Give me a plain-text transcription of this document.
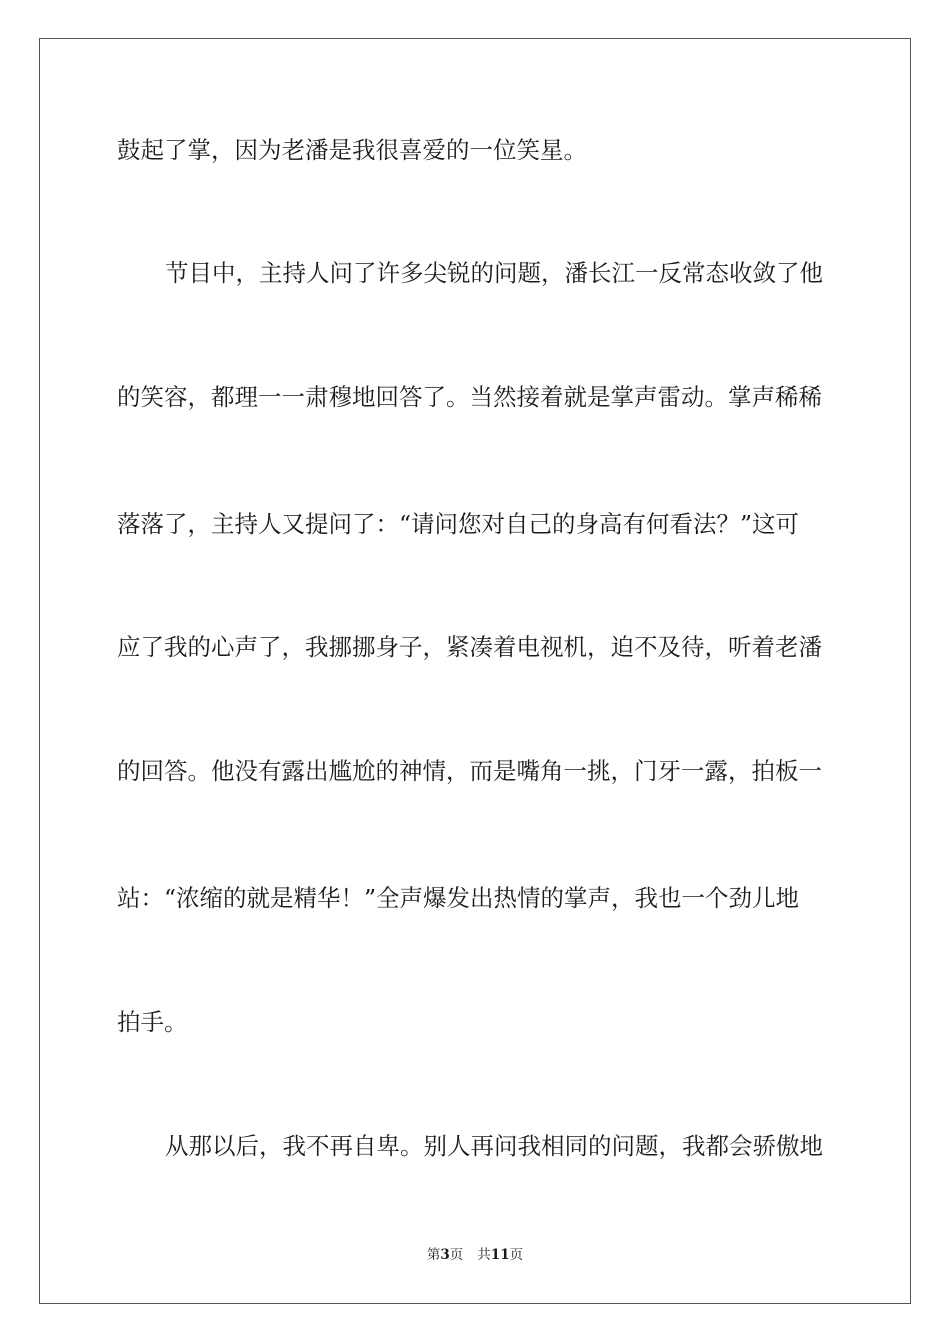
鼓起了掌，因为老潘是我很喜爱的一位笑星。
节目中，主持人问了许多尖锐的问题，潘长江一反常态收敛了他
的笑容，都理一一肃穆地回答了。当然接着就是掌声雷动。掌声稀稀
落落了，主持人又提问了：“请问您对自己的身高有何看法？”这可
应了我的心声了，我挪挪身子，紧凑着电视机，迫不及待，听着老潘
的回答。他没有露出尴尬的神情，而是嘴角一挑，门牙一露，拍板一
站：“浓缩的就是精华！”全声爆发出热情的掌声，我也一个劲儿地
拍手。
从那以后，我不再自卑。别人再问我相同的问题，我都会骄傲地
第3页 共11页
